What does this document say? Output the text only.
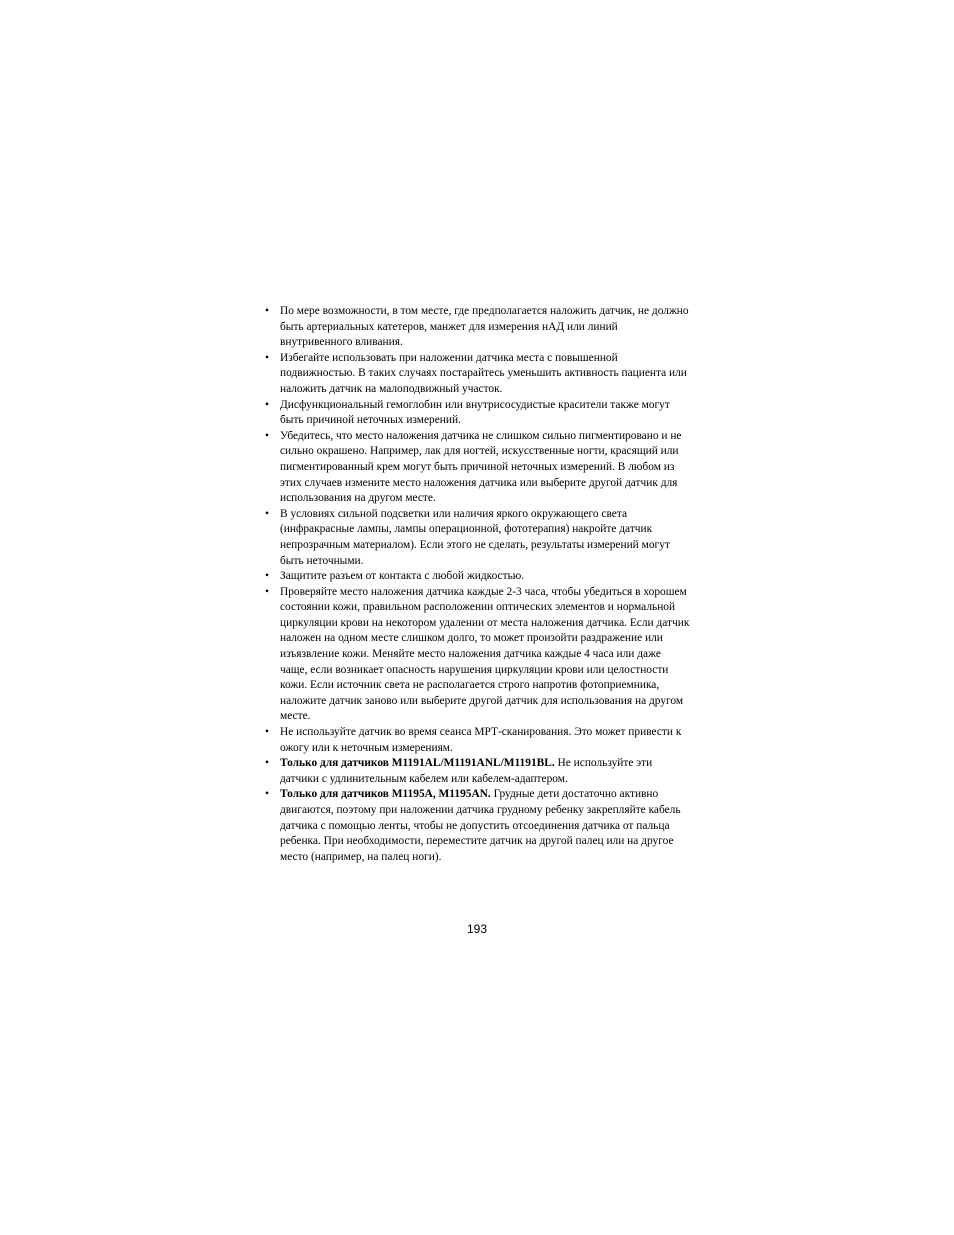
• По мере возможности, в том месте, где предполагается наложить датчик, не должно быть артериальных катетеров, манжет для измерения нАД или линий внутривенного вливания.
• Избегайте использовать при наложении датчика места с повышенной подвижностью. В таких случаях постарайтесь уменьшить активность пациента или наложить датчик на малоподвижный участок.
• Дисфункциональный гемоглобин или внутрисосудистые красители также могут быть причиной неточных измерений.
• Убедитесь, что место наложения датчика не слишком сильно пигментировано и не сильно окрашено. Например, лак для ногтей, искусственные ногти, красящий или пигментированный крем могут быть причиной неточных измерений. В любом из этих случаев измените место наложения датчика или выберите другой датчик для использования на другом месте.
• В условиях сильной подсветки или наличия яркого окружающего света (инфракрасные лампы, лампы операционной, фототерапия) накройте датчик непрозрачным материалом). Если этого не сделать, результаты измерений могут быть неточными.
• Защитите разъем от контакта с любой жидкостью.
• Проверяйте место наложения датчика каждые 2-3 часа, чтобы убедиться в хорошем состоянии кожи, правильном расположении оптических элементов и нормальной циркуляции крови на некотором удалении от места наложения датчика. Если датчик наложен на одном месте слишком долго, то может произойти раздражение или изъязвление кожи. Меняйте место наложения датчика каждые 4 часа или даже чаще, если возникает опасность нарушения циркуляции крови или целостности кожи. Если источник света не располагается строго напротив фотоприемника, наложите датчик заново или выберите другой датчик для использования на другом месте.
• Не используйте датчик во время сеанса МРТ-сканирования. Это может привести к ожогу или к неточным измерениям.
• Только для датчиков M1191AL/M1191ANL/M1191BL. Не используйте эти датчики с удлинительным кабелем или кабелем-адаптером.
• Только для датчиков M1195A, M1195AN. Грудные дети достаточно активно двигаются, поэтому при наложении датчика грудному ребенку закрепляйте кабель датчика с помощью ленты, чтобы не допустить отсоединения датчика от пальца ребенка. При необходимости, переместите датчик на другой палец или на другое место (например, на палец ноги).
193
